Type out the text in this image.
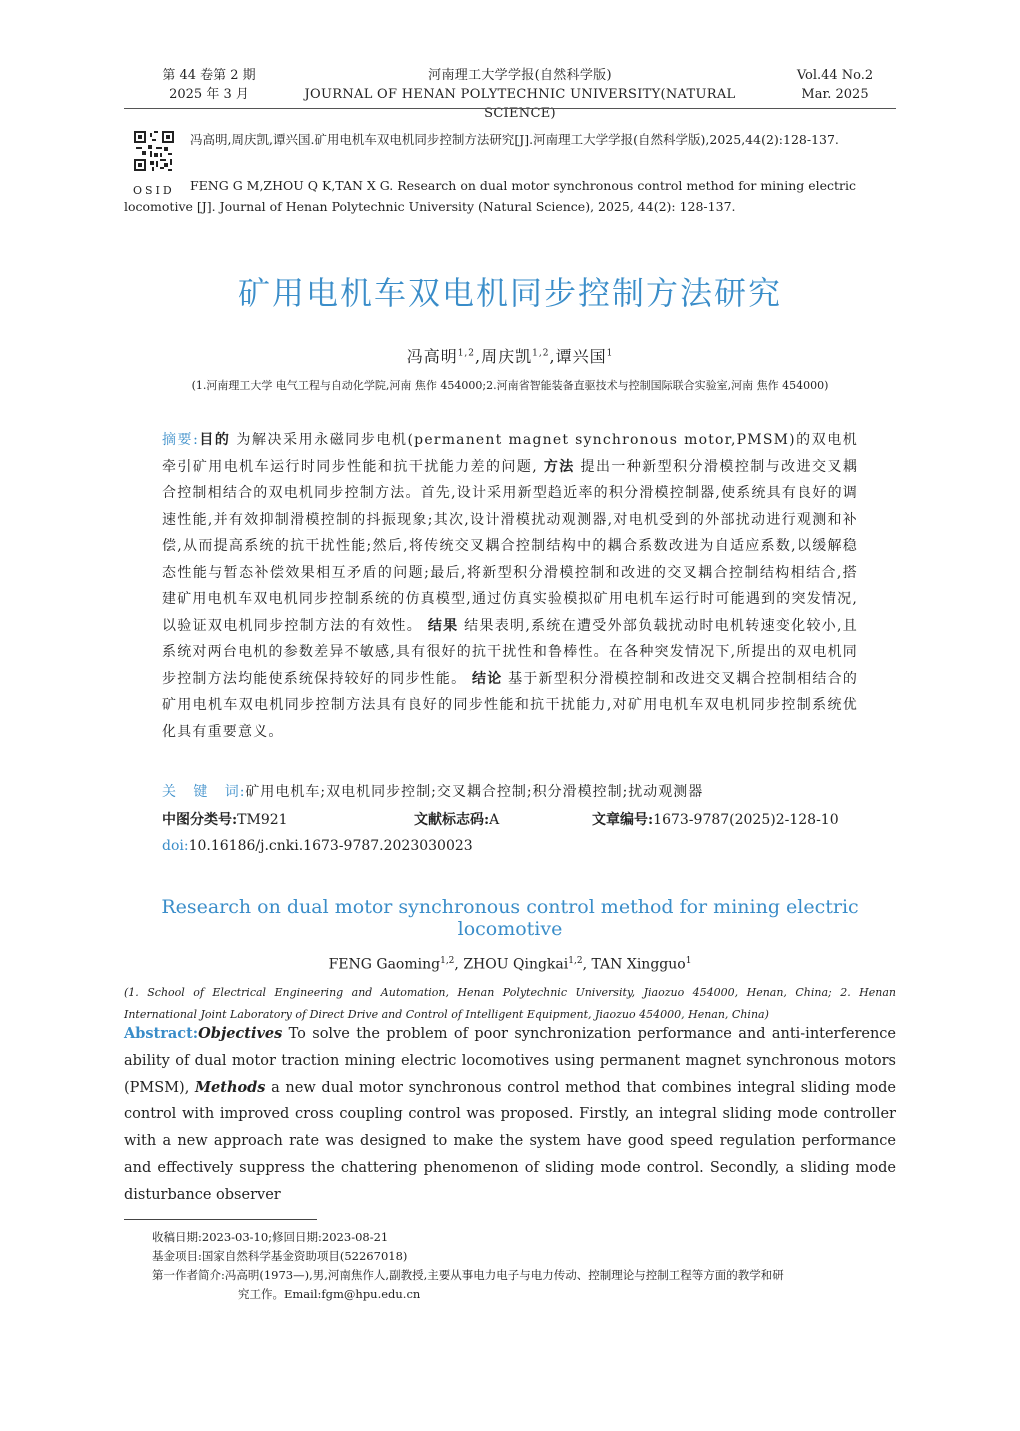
第 44 卷第 2 期
2025 年 3 月
河南理工大学学报(自然科学版)
JOURNAL OF HENAN POLYTECHNIC UNIVERSITY(NATURAL SCIENCE)
Vol.44 No.2
Mar. 2025
OSID
冯高明,周庆凯,谭兴国.矿用电机车双电机同步控制方法研究[J].河南理工大学学报(自然科学版),2025,44(2):128-137.
FENG G M,ZHOU Q K,TAN X G. Research on dual motor synchronous control method for mining electric locomotive [J]. Journal of Henan Polytechnic University (Natural Science), 2025, 44(2): 128-137.
矿用电机车双电机同步控制方法研究
冯高明$^{1,2}$,周庆凯$^{1,2}$,谭兴国$^1$
(1.河南理工大学 电气工程与自动化学院,河南 焦作 454000;2.河南省智能装备直驱技术与控制国际联合实验室,河南 焦作 454000)
摘要:目的 为解决采用永磁同步电机(permanent magnet synchronous motor,PMSM)的双电机牵引矿用电机车运行时同步性能和抗干扰能力差的问题, 方法 提出一种新型积分滑模控制与改进交叉耦合控制相结合的双电机同步控制方法。首先,设计采用新型趋近率的积分滑模控制器,使系统具有良好的调速性能,并有效抑制滑模控制的抖振现象;其次,设计滑模扰动观测器,对电机受到的外部扰动进行观测和补偿,从而提高系统的抗干扰性能;然后,将传统交叉耦合控制结构中的耦合系数改进为自适应系数,以缓解稳态性能与暂态补偿效果相互矛盾的问题;最后,将新型积分滑模控制和改进的交叉耦合控制结构相结合,搭建矿用电机车双电机同步控制系统的仿真模型,通过仿真实验模拟矿用电机车运行时可能遇到的突发情况,以验证双电机同步控制方法的有效性。 结果 结果表明,系统在遭受外部负载扰动时电机转速变化较小,且系统对两台电机的参数差异不敏感,具有很好的抗干扰性和鲁棒性。在各种突发情况下,所提出的双电机同步控制方法均能使系统保持较好的同步性能。 结论 基于新型积分滑模控制和改进交叉耦合控制相结合的矿用电机车双电机同步控制方法具有良好的同步性能和抗干扰能力,对矿用电机车双电机同步控制系统优化具有重要意义。
关   键   词:矿用电机车;双电机同步控制;交叉耦合控制;积分滑模控制;扰动观测器
中图分类号:TM921	文献标志码:A	文章编号:1673-9787(2025)2-128-10
doi:10.16186/j.cnki.1673-9787.2023030023
Research on dual motor synchronous control method for mining electric locomotive
FENG Gaoming$^{1,2}$, ZHOU Qingkai$^{1,2}$, TAN Xingguo$^1$
(1. School of Electrical Engineering and Automation, Henan Polytechnic University, Jiaozuo 454000, Henan, China; 2. Henan International Joint Laboratory of Direct Drive and Control of Intelligent Equipment, Jiaozuo 454000, Henan, China)
Abstract:Objectives To solve the problem of poor synchronization performance and anti-interference ability of dual motor traction mining electric locomotives using permanent magnet synchronous motors (PMSM), Methods a new dual motor synchronous control method that combines integral sliding mode control with improved cross coupling control was proposed. Firstly, an integral sliding mode controller with a new approach rate was designed to make the system have good speed regulation performance and effectively suppress the chattering phenomenon of sliding mode control. Secondly, a sliding mode disturbance observer
收稿日期:2023-03-10;修回日期:2023-08-21
基金项目:国家自然科学基金资助项目(52267018)
第一作者简介:冯高明(1973—),男,河南焦作人,副教授,主要从事电力电子与电力传动、控制理论与控制工程等方面的教学和研
究工作。Email:fgm@hpu.edu.cn
